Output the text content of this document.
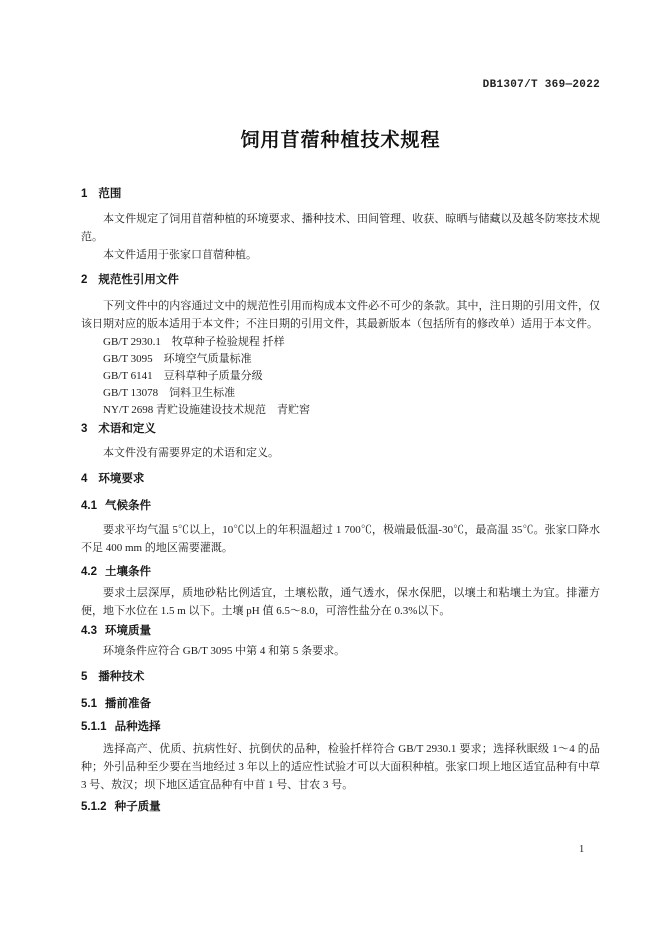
DB1307/T 369—2022
饲用苜蓿种植技术规程
1 范围

本文件规定了饲用苜蓿种植的环境要求、播种技术、田间管理、收获、晾晒与储藏以及越冬防寒技术规范。

本文件适用于张家口苜蓿种植。

2 规范性引用文件

下列文件中的内容通过文中的规范性引用而构成本文件必不可少的条款。其中，注日期的引用文件，仅该日期对应的版本适用于本文件；不注日期的引用文件，其最新版本（包括所有的修改单）适用于本文件。

GB/T 2930.1　牧草种子检验规程 扦样
GB/T 3095　环境空气质量标准
GB/T 6141　豆科草种子质量分级
GB/T 13078　饲料卫生标准
NY/T 2698 青贮设施建设技术规范　青贮窖
3 术语和定义

本文件没有需要界定的术语和定义。

4 环境要求
4.1 气候条件

要求平均气温 5℃以上，10℃以上的年积温超过 1 700℃，极端最低温-30℃，最高温 35℃。张家口降水不足 400 mm 的地区需要灌溉。

4.2 土壤条件

要求土层深厚，质地砂粘比例适宜，土壤松散，通气透水，保水保肥，以壤土和粘壤土为宜。排灌方便，地下水位在 1.5 m 以下。土壤 pH 值 6.5～8.0，可溶性盐分在 0.3%以下。

4.3 环境质量

环境条件应符合 GB/T 3095 中第 4 和第 5 条要求。

5 播种技术
5.1 播前准备
5.1.1 品种选择

选择高产、优质、抗病性好、抗倒伏的品种，检验扦样符合 GB/T 2930.1 要求；选择秋眠级 1～4 的品种；外引品种至少要在当地经过 3 年以上的适应性试验才可以大面积种植。张家口坝上地区适宜品种有中草 3 号、敖汉；坝下地区适宜品种有中苜 1 号、甘农 3 号。

5.1.2 种子质量
1
